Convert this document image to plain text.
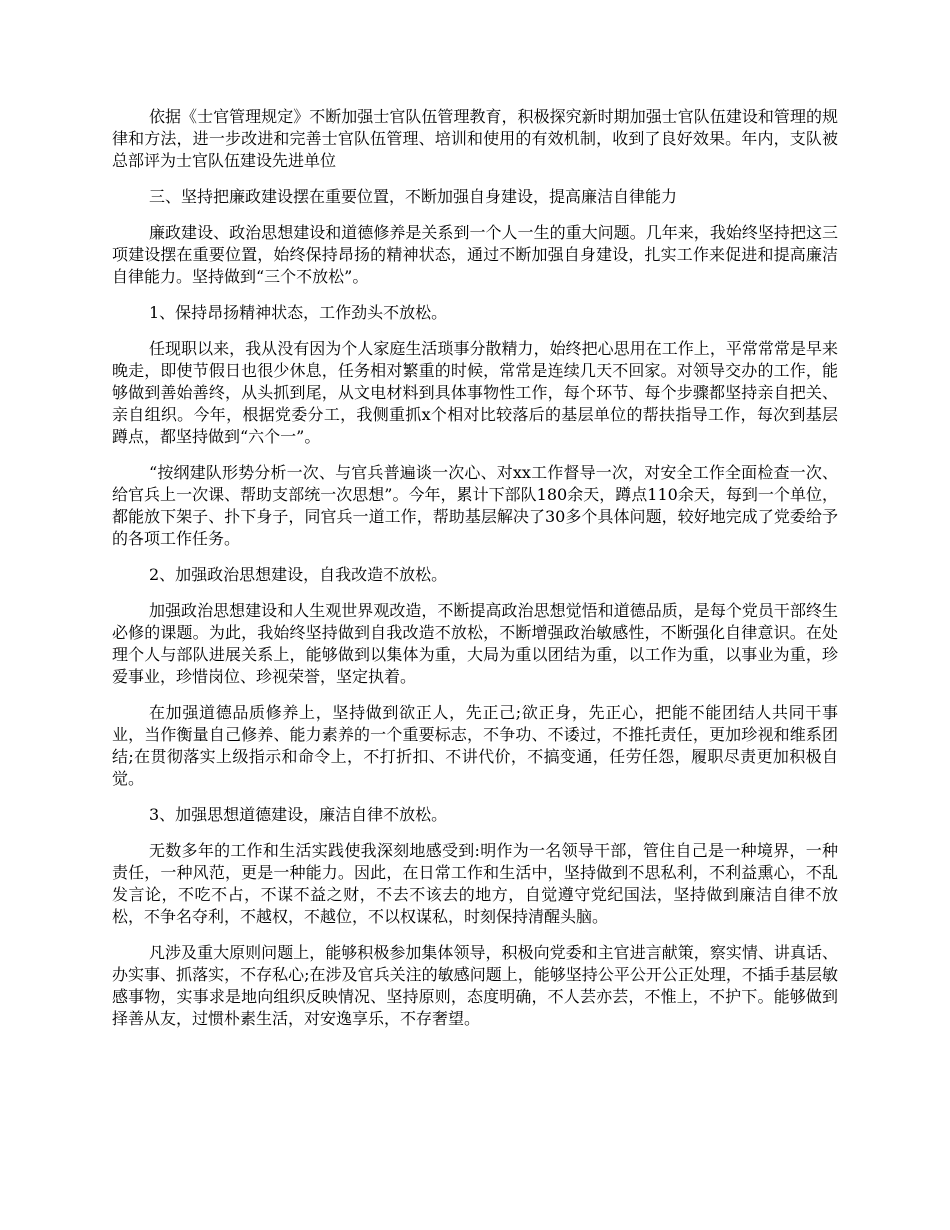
依据《士官管理规定》不断加强士官队伍管理教育，积极探究新时期加强士官队伍建设和管理的规律和方法，进一步改进和完善士官队伍管理、培训和使用的有效机制，收到了良好效果。年内，支队被总部评为士官队伍建设先进单位

三、坚持把廉政建设摆在重要位置，不断加强自身建设，提高廉洁自律能力

廉政建设、政治思想建设和道德修养是关系到一个人一生的重大问题。几年来，我始终坚持把这三项建设摆在重要位置，始终保持昂扬的精神状态，通过不断加强自身建设，扎实工作来促进和提高廉洁自律能力。坚持做到“三个不放松”。

1、保持昂扬精神状态，工作劲头不放松。

任现职以来，我从没有因为个人家庭生活琐事分散精力，始终把心思用在工作上，平常常常是早来晚走，即使节假日也很少休息，任务相对繁重的时候，常常是连续几天不回家。对领导交办的工作，能够做到善始善终，从头抓到尾，从文电材料到具体事物性工作，每个环节、每个步骤都坚持亲自把关、亲自组织。今年，根据党委分工，我侧重抓x个相对比较落后的基层单位的帮扶指导工作，每次到基层蹲点，都坚持做到“六个一”。

“按纲建队形势分析一次、与官兵普遍谈一次心、对xx工作督导一次，对安全工作全面检查一次、给官兵上一次课、帮助支部统一次思想”。今年，累计下部队180余天，蹲点110余天，每到一个单位，都能放下架子、扑下身子，同官兵一道工作，帮助基层解决了30多个具体问题，较好地完成了党委给予的各项工作任务。

2、加强政治思想建设，自我改造不放松。

加强政治思想建设和人生观世界观改造，不断提高政治思想觉悟和道德品质，是每个党员干部终生必修的课题。为此，我始终坚持做到自我改造不放松，不断增强政治敏感性，不断强化自律意识。在处理个人与部队进展关系上，能够做到以集体为重，大局为重以团结为重，以工作为重，以事业为重，珍爱事业，珍惜岗位、珍视荣誉，坚定执着。

在加强道德品质修养上，坚持做到欲正人，先正己;欲正身，先正心，把能不能团结人共同干事业，当作衡量自己修养、能力素养的一个重要标志，不争功、不诿过，不推托责任，更加珍视和维系团结;在贯彻落实上级指示和命令上，不打折扣、不讲代价，不搞变通，任劳任怨，履职尽责更加积极自觉。

3、加强思想道德建设，廉洁自律不放松。

无数多年的工作和生活实践使我深刻地感受到:明作为一名领导干部，管住自己是一种境界，一种责任，一种风范，更是一种能力。因此，在日常工作和生活中，坚持做到不思私利，不利益熏心，不乱发言论，不吃不占，不谋不益之财，不去不该去的地方，自觉遵守党纪国法，坚持做到廉洁自律不放松，不争名夺利，不越权，不越位，不以权谋私，时刻保持清醒头脑。

凡涉及重大原则问题上，能够积极参加集体领导，积极向党委和主官进言献策，察实情、讲真话、办实事、抓落实，不存私心;在涉及官兵关注的敏感问题上，能够坚持公平公开公正处理，不插手基层敏感事物，实事求是地向组织反映情况、坚持原则，态度明确，不人芸亦芸，不惟上，不护下。能够做到择善从友，过惯朴素生活，对安逸享乐，不存奢望。
